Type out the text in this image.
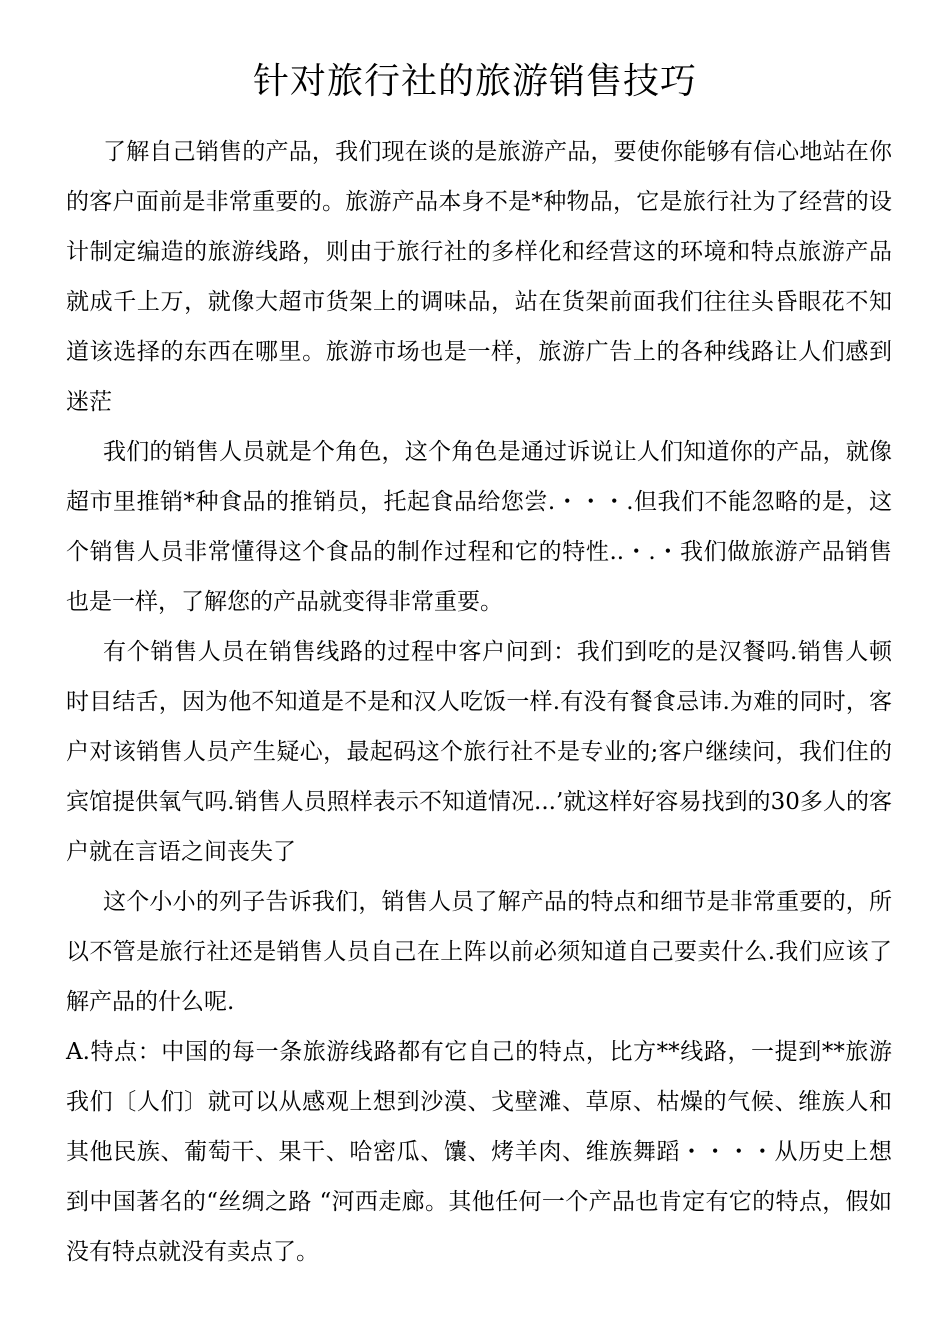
针对旅行社的旅游销售技巧

了解自己销售的产品，我们现在谈的是旅游产品，要使你能够有信心地站在你的客户面前是非常重要的。旅游产品本身不是*种物品，它是旅行社为了经营的设计制定编造的旅游线路，则由于旅行社的多样化和经营这的环境和特点旅游产品就成千上万，就像大超市货架上的调味品，站在货架前面我们往往头昏眼花不知道该选择的东西在哪里。旅游市场也是一样，旅游广告上的各种线路让人们感到迷茫

我们的销售人员就是个角色，这个角色是通过诉说让人们知道你的产品，就像超市里推销*种食品的推销员，托起食品给您尝.・・・.但我们不能忽略的是，这个销售人员非常懂得这个食品的制作过程和它的特性..・.・我们做旅游产品销售也是一样，了解您的产品就变得非常重要。

有个销售人员在销售线路的过程中客户问到：我们到吃的是汉餐吗.销售人顿时目结舌，因为他不知道是不是和汉人吃饭一样.有没有餐食忌讳.为难的同时，客户对该销售人员产生疑心，最起码这个旅行社不是专业的;客户继续问，我们住的宾馆提供氧气吗.销售人员照样表示不知道情况...’就这样好容易找到的30多人的客户就在言语之间丧失了

这个小小的列子告诉我们，销售人员了解产品的特点和细节是非常重要的，所以不管是旅行社还是销售人员自己在上阵以前必须知道自己要卖什么.我们应该了解产品的什么呢.

A.特点：中国的每一条旅游线路都有它自己的特点，比方**线路，一提到**旅游我们〔人们〕就可以从感观上想到沙漠、戈壁滩、草原、枯燥的气候、维族人和其他民族、葡萄干、果干、哈密瓜、馕、烤羊肉、维族舞蹈・・・・从历史上想到中国著名的“丝绸之路 “河西走廊。其他任何一个产品也肯定有它的特点，假如没有特点就没有卖点了。
